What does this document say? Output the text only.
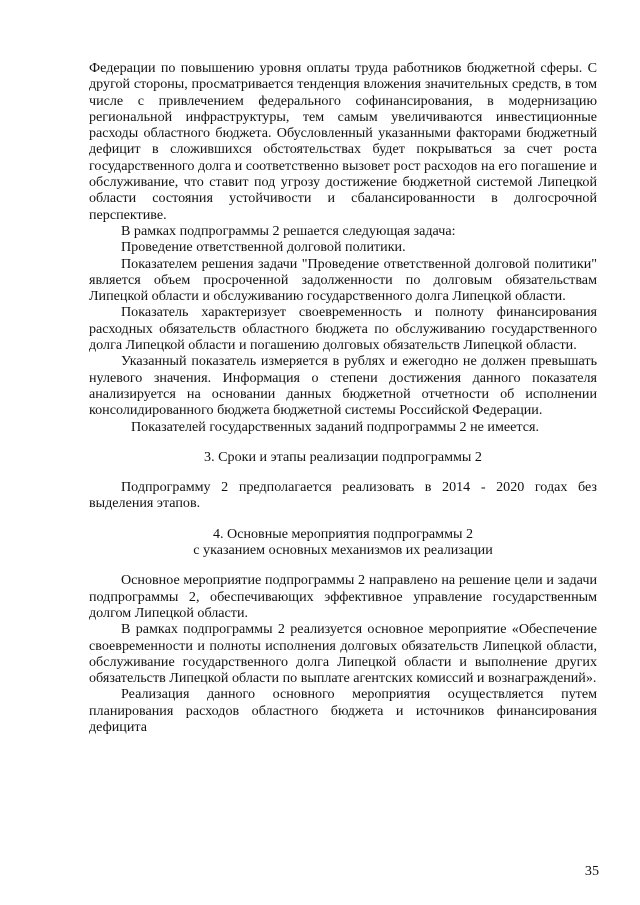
Федерации по повышению уровня оплаты труда работников бюджетной сферы. С другой стороны, просматривается тенденция вложения значительных средств, в том числе с привлечением федерального софинансирования, в модернизацию региональной инфраструктуры, тем самым увеличиваются инвестиционные расходы областного бюджета. Обусловленный указанными факторами бюджетный дефицит в сложившихся обстоятельствах будет покрываться за счет роста государственного долга и соответственно вызовет рост расходов на его погашение и обслуживание, что ставит под угрозу достижение бюджетной системой Липецкой области состояния устойчивости и сбалансированности в долгосрочной перспективе.

В рамках подпрограммы 2 решается следующая задача:

Проведение ответственной долговой политики.

Показателем решения задачи "Проведение ответственной долговой политики" является объем просроченной задолженности по долговым обязательствам Липецкой области и обслуживанию государственного долга Липецкой области.

Показатель характеризует своевременность и полноту финансирования расходных обязательств областного бюджета по обслуживанию государственного долга Липецкой области и погашению долговых обязательств Липецкой области.

Указанный показатель измеряется в рублях и ежегодно не должен превышать нулевого значения. Информация о степени достижения данного показателя анализируется на основании данных бюджетной отчетности об исполнении консолидированного бюджета бюджетной системы Российской Федерации.

Показателей государственных заданий подпрограммы 2 не имеется.

3. Сроки и этапы реализации подпрограммы 2

Подпрограмму 2 предполагается реализовать в 2014 - 2020 годах без выделения этапов.

4. Основные мероприятия подпрограммы 2

с указанием основных механизмов их реализации

Основное мероприятие подпрограммы 2 направлено на решение цели и задачи подпрограммы 2, обеспечивающих эффективное управление государственным долгом Липецкой области.

В рамках подпрограммы 2 реализуется основное мероприятие «Обеспечение своевременности и полноты исполнения долговых обязательств Липецкой области, обслуживание государственного долга Липецкой области и выполнение других обязательств Липецкой области по выплате агентских комиссий и вознаграждений».

Реализация данного основного мероприятия осуществляется путем планирования расходов областного бюджета и источников финансирования дефицита

35
